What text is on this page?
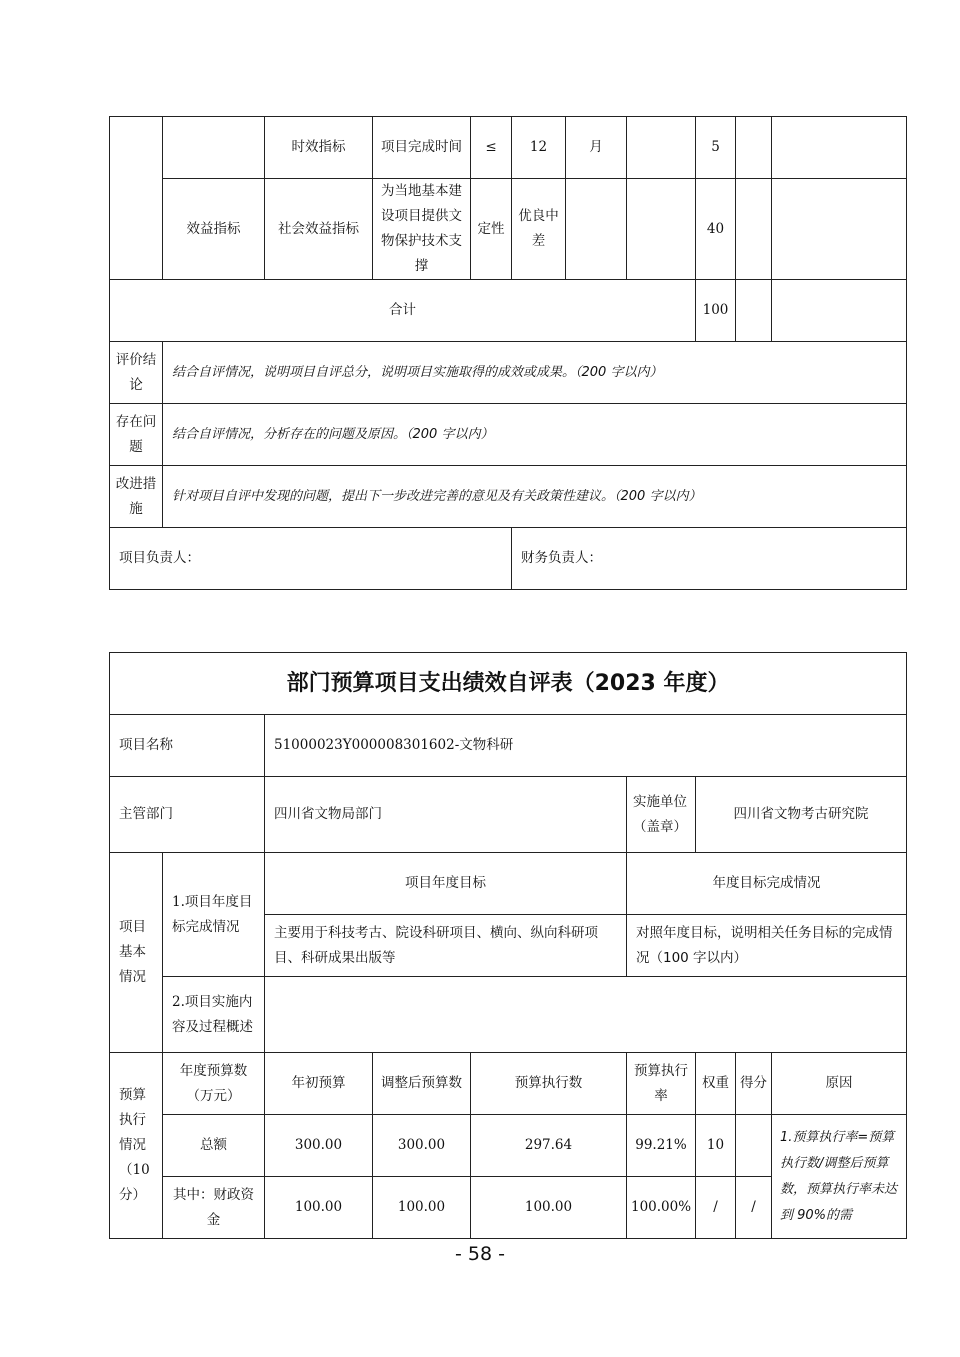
		时效指标	项目完成时间	≤	12	月		5		
	效益指标	社会效益指标	为当地基本建设项目提供文物保护技术支撑	定性	优良中差			40		
合计								100		
评价结论	结合自评情况，说明项目自评总分，说明项目实施取得的成效或成果。（200 字以内）									
存在问题	结合自评情况，分析存在的问题及原因。（200 字以内）									
改进措施	针对项目自评中发现的问题，提出下一步改进完善的意见及有关政策性建议。（200 字以内）									
项目负责人：					财务负责人：					
部门预算项目支出绩效自评表（2023 年度）								
项目名称		51000023Y000008301602-文物科研						
主管部门		四川省文物局部门			实施单位（盖章）	四川省文物考古研究院		
项目基本情况	1.项目年度目标完成情况	项目年度目标			年度目标完成情况			
		主要用于科技考古、院设科研项目、横向、纵向科研项目、科研成果出版等			对照年度目标，说明相关任务目标的完成情况（100 字以内）			
	2.项目实施内容及过程概述							
预算执行情况（10分）	年度预算数（万元）	年初预算	调整后预算数	预算执行数	预算执行率	权重	得分	原因
	总额	300.00	300.00	297.64	99.21%	10		1.预算执行率=预算执行数/调整后预算数，预算执行率未达到 90%的需
	其中：财政资金	100.00	100.00	100.00	100.00%	/	/	
- 58 -
